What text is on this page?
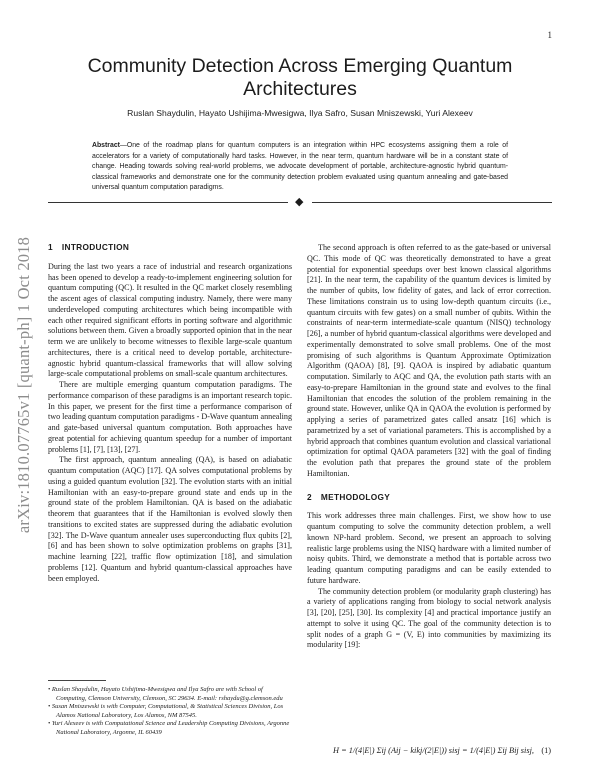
1
arXiv:1810.07765v1 [quant-ph] 1 Oct 2018
Community Detection Across Emerging Quantum Architectures
Ruslan Shaydulin, Hayato Ushijima-Mwesigwa, Ilya Safro, Susan Mniszewski, Yuri Alexeev

Abstract—One of the roadmap plans for quantum computers is an integration within HPC ecosystems assigning them a role of accelerators for a variety of computationally hard tasks. However, in the near term, quantum hardware will be in a constant state of change. Heading towards solving real-world problems, we advocate development of portable, architecture-agnostic hybrid quantum-classical frameworks and demonstrate one for the community detection problem evaluated using quantum annealing and gate-based universal quantum computation paradigms.

◆
1 INTRODUCTION

During the last two years a race of industrial and research organizations has been opened to develop a ready-to-implement engineering solution for quantum computing (QC). It resulted in the QC market closely resembling the ascent ages of classical computing industry. Namely, there were many underdeveloped computing architectures which being incompatible with each other required significant efforts in porting software and algorithmic solutions between them. Given a broadly supported opinion that in the near term we are unlikely to become witnesses to flexible large-scale quantum architectures, there is a critical need to develop portable, architecture-agnostic hybrid quantum-classical frameworks that will allow solving large-scale computational problems on small-scale quantum architectures.

There are multiple emerging quantum computation paradigms. The performance comparison of these paradigms is an important research topic. In this paper, we present for the first time a performance comparison of two leading quantum computation paradigms - D-Wave quantum annealing and gate-based universal quantum computation. Both approaches have great potential for achieving quantum speedup for a number of important problems [1], [7], [13], [27].

The first approach, quantum annealing (QA), is based on adiabatic quantum computation (AQC) [17]. QA solves computational problems by using a guided quantum evolution [32]. The evolution starts with an initial Hamiltonian with an easy-to-prepare ground state and ends up in the ground state of the problem Hamiltonian. QA is based on the adiabatic theorem that guarantees that if the Hamiltonian is evolved slowly then transitions to excited states are suppressed during the adiabatic evolution [32]. The D-Wave quantum annealer uses superconducting flux qubits [2], [6] and has been shown to solve optimization problems on graphs [31], machine learning [22], traffic flow optimization [18], and simulation problems [12]. Quantum and hybrid quantum-classical approaches have been employed.

• Ruslan Shaydulin, Hayato Ushijima-Mwesigwa and Ilya Safro are with School of Computing, Clemson University, Clemson, SC 29634. E-mail: rshaydu@g.clemson.edu

• Susan Mniszewski is with Computer, Computational, & Statistical Sciences Division, Los Alamos National Laboratory, Los Alamos, NM 87545.

• Yuri Alexeev is with Computational Science and Leadership Computing Divisions, Argonne National Laboratory, Argonne, IL 60439

The second approach is often referred to as the gate-based or universal QC. This mode of QC was theoretically demonstrated to have a great potential for exponential speedups over best known classical algorithms [21]. In the near term, the capability of the quantum devices is limited by the number of qubits, low fidelity of gates, and lack of error correction. These limitations constrain us to using low-depth quantum circuits (i.e., quantum circuits with few gates) on a small number of qubits. Within the constraints of near-term intermediate-scale quantum (NISQ) technology [26], a number of hybrid quantum-classical algorithms were developed and experimentally demonstrated to solve small problems. One of the most promising of such algorithms is Quantum Approximate Optimization Algorithm (QAOA) [8], [9]. QAOA is inspired by adiabatic quantum computation. Similarly to AQC and QA, the evolution path starts with an easy-to-prepare Hamiltonian in the ground state and evolves to the final Hamiltonian that encodes the solution of the problem remaining in the ground state. However, unlike QA in QAOA the evolution is performed by applying a series of parametrized gates called ansatz [16] which is parametrized by a set of variational parameters. This is accomplished by a hybrid approach that combines quantum evolution and classical variational optimization for optimal QAOA parameters [32] with the goal of finding the evolution path that prepares the ground state of the problem Hamiltonian.

2 METHODOLOGY

This work addresses three main challenges. First, we show how to use quantum computing to solve the community detection problem, a well known NP-hard problem. Second, we present an approach to solving realistic large problems using the NISQ hardware with a limited number of noisy qubits. Third, we demonstrate a method that is portable across two leading quantum computing paradigms and can be easily extended to future hardware.

The community detection problem (or modularity graph clustering) has a variety of applications ranging from biology to social network analysis [3], [20], [25], [30]. Its complexity [4] and practical importance justify an attempt to solve it using QC. The goal of the community detection is to split nodes of a graph G = (V, E) into communities by maximizing its modularity [19]:

H = 1/(4|E|) Σij (Aij − kikj/(2|E|)) sisj = 1/(4|E|) Σij Bij sisj, (1)
